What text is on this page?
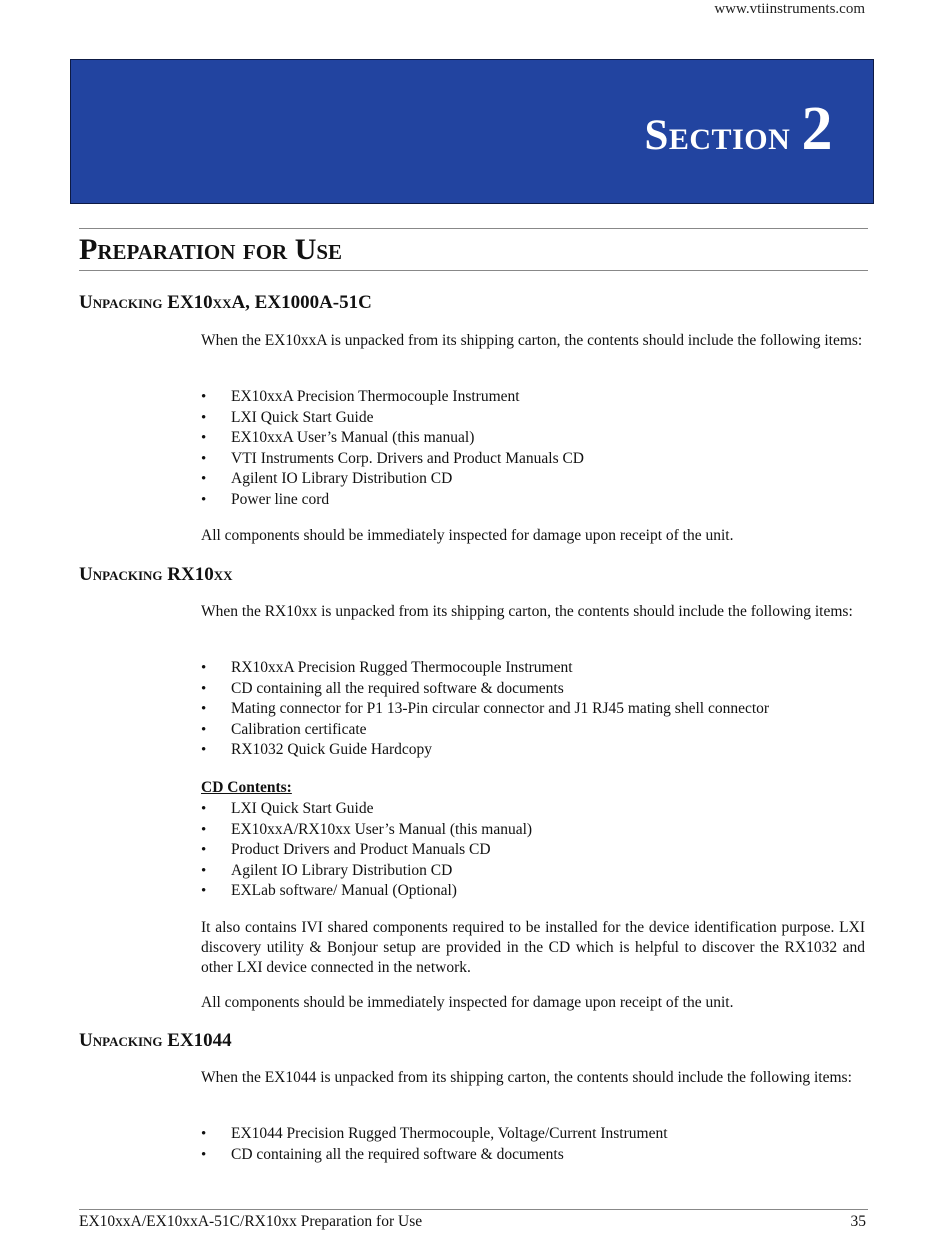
www.vtiinstruments.com
Section 2
Preparation for Use
Unpacking EX10xxA, EX1000A-51C

When the EX10xxA is unpacked from its shipping carton, the contents should include the following items:

• EX10xxA Precision Thermocouple Instrument
• LXI Quick Start Guide
• EX10xxA User’s Manual (this manual)
• VTI Instruments Corp. Drivers and Product Manuals CD
• Agilent IO Library Distribution CD
• Power line cord

All components should be immediately inspected for damage upon receipt of the unit.

Unpacking RX10xx

When the RX10xx is unpacked from its shipping carton, the contents should include the following items:

• RX10xxA Precision Rugged Thermocouple Instrument
• CD containing all the required software & documents
• Mating connector for P1 13-Pin circular connector and J1 RJ45 mating shell connector
• Calibration certificate
• RX1032 Quick Guide Hardcopy
CD Contents:
• LXI Quick Start Guide
• EX10xxA/RX10xx User’s Manual (this manual)
• Product Drivers and Product Manuals CD
• Agilent IO Library Distribution CD
• EXLab software/ Manual (Optional)

It also contains IVI shared components required to be installed for the device identification purpose. LXI discovery utility & Bonjour setup are provided in the CD which is helpful to discover the RX1032 and other LXI device connected in the network.

All components should be immediately inspected for damage upon receipt of the unit.

Unpacking EX1044

When the EX1044 is unpacked from its shipping carton, the contents should include the following items:

• EX1044 Precision Rugged Thermocouple, Voltage/Current Instrument
• CD containing all the required software & documents
EX10xxA/EX10xxA-51C/RX10xx Preparation for Use	35
